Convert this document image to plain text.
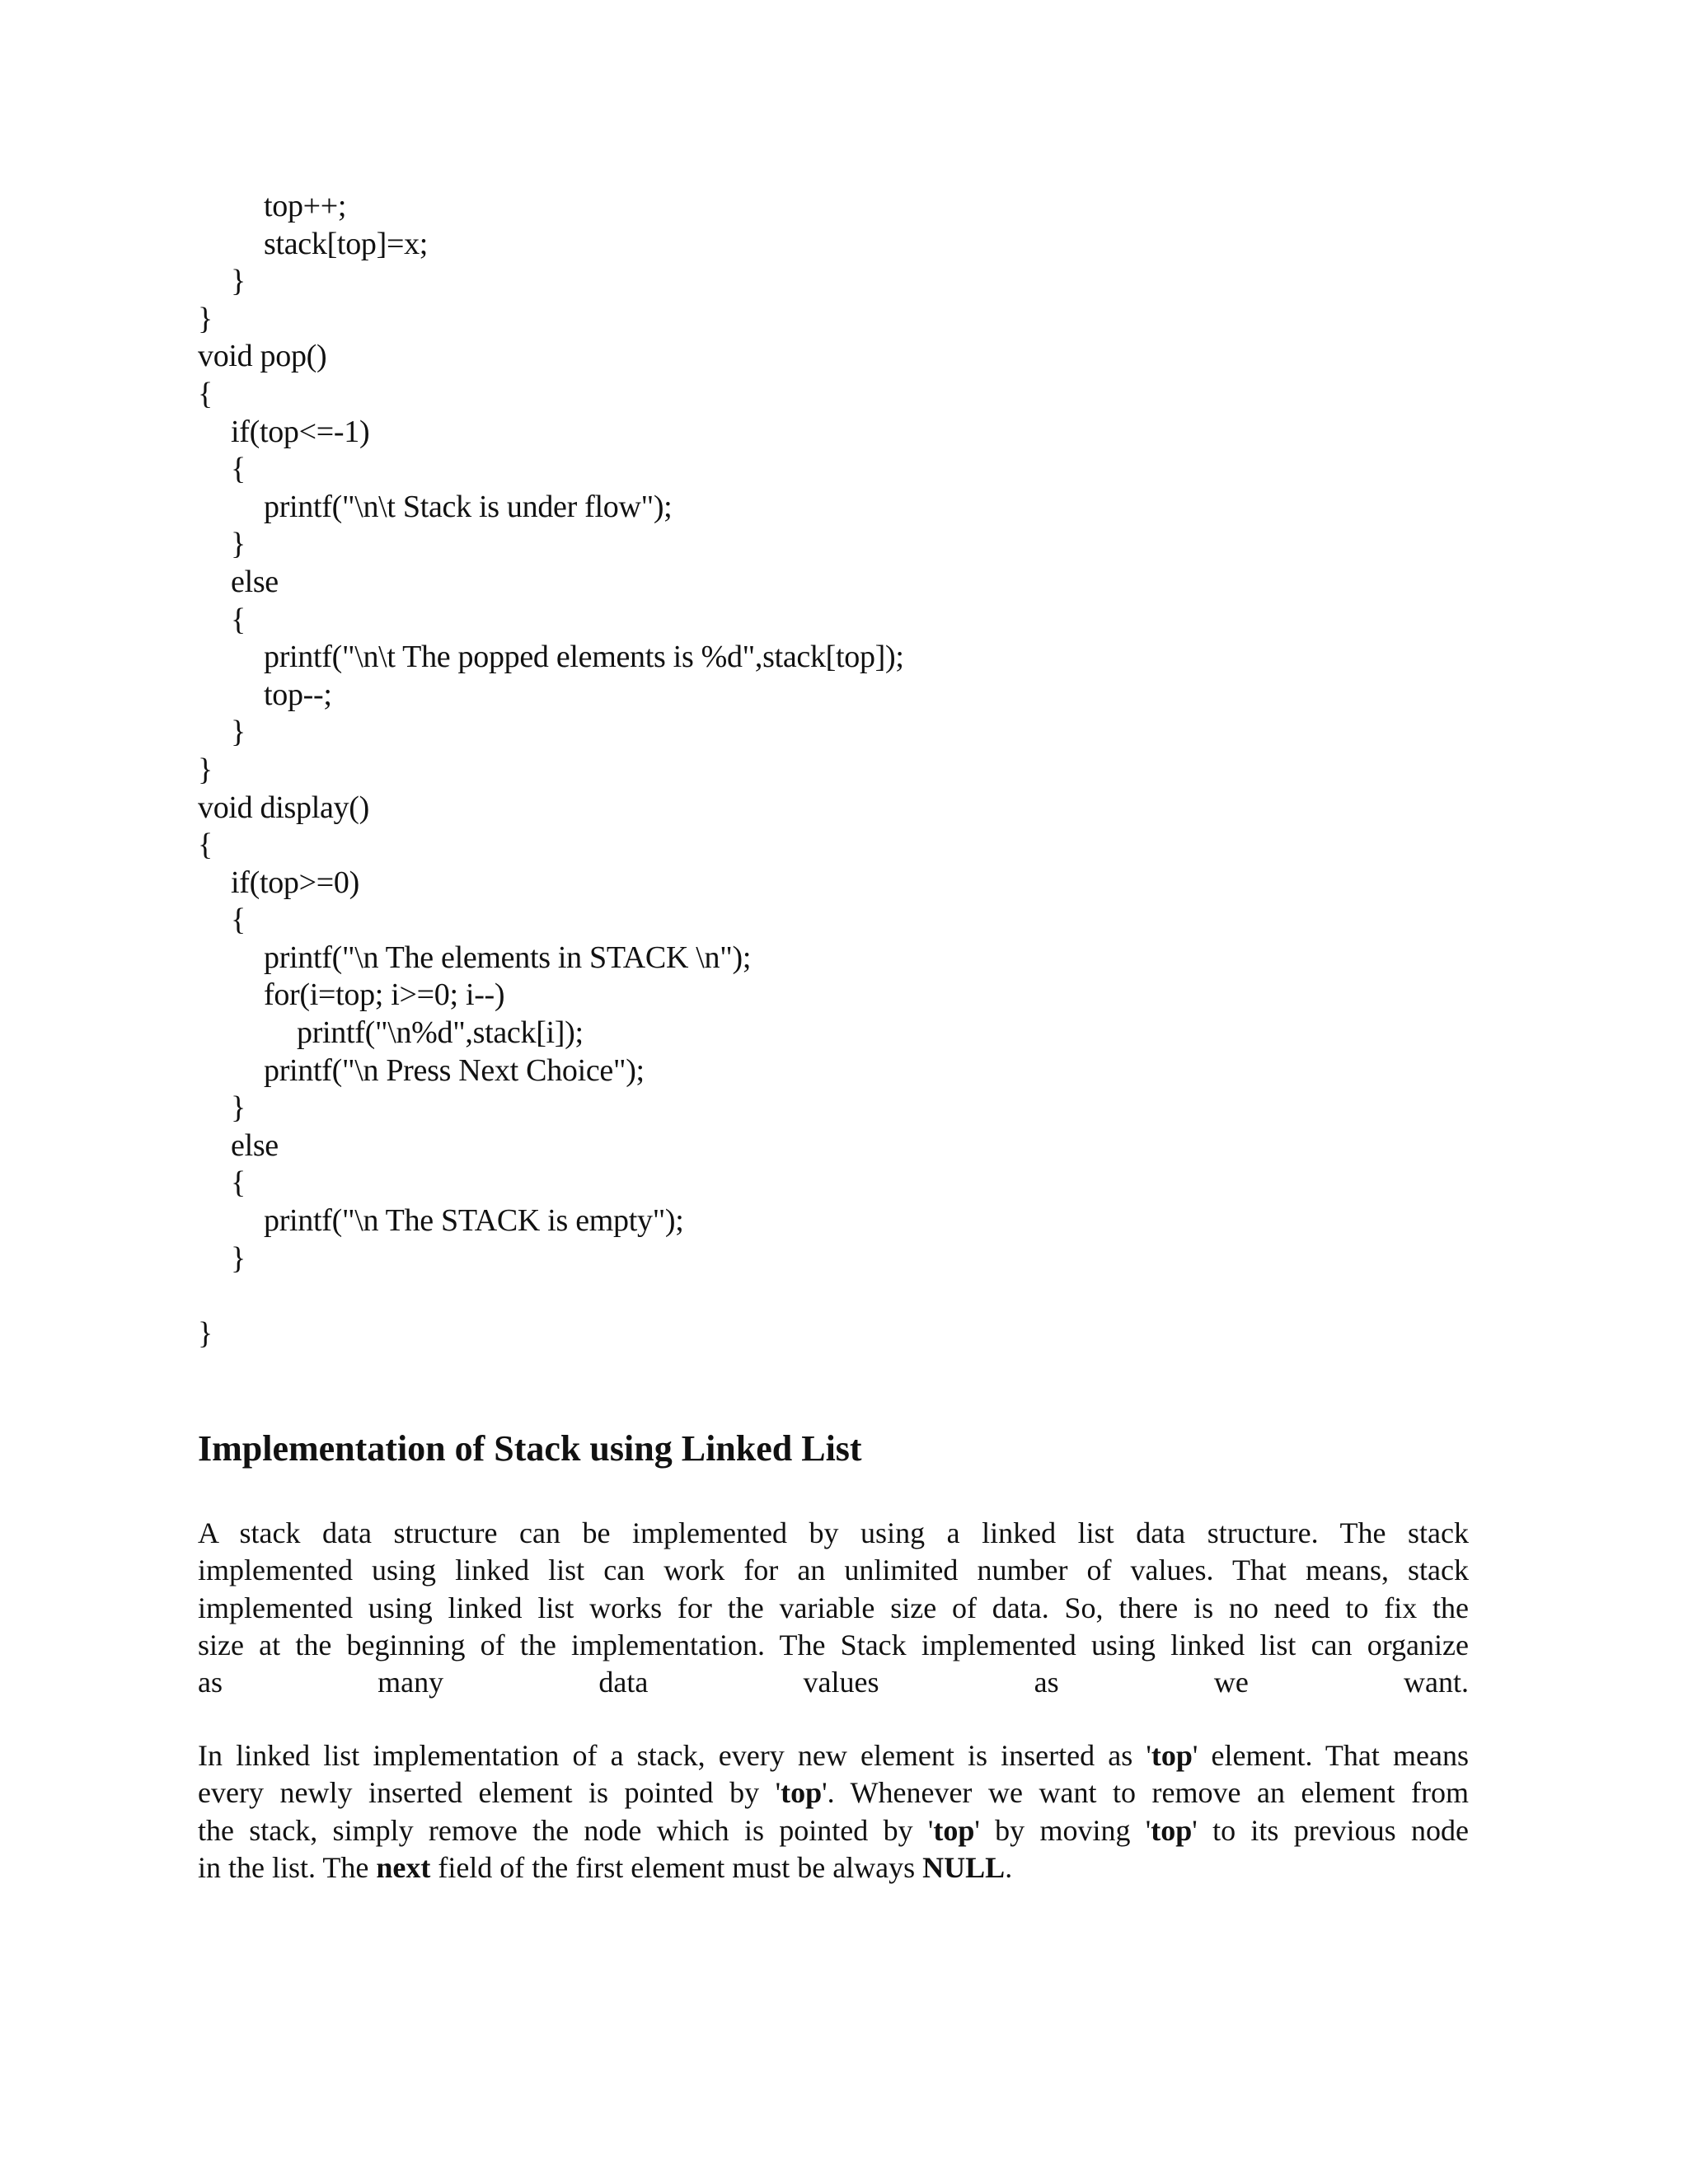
top++;
stack[top]=x;
}
}
void pop()
{
if(top<=-1)
{
printf("\n\t Stack is under flow");
}
else
{
printf("\n\t The popped elements is %d",stack[top]);
top--;
}
}
void display()
{
if(top>=0)
{
printf("\n The elements in STACK \n");
for(i=top; i>=0; i--)
printf("\n%d",stack[i]);
printf("\n Press Next Choice");
}
else
{
printf("\n The STACK is empty");
}
}
Implementation of Stack using Linked List
A stack data structure can be implemented by using a linked list data structure. The stack
implemented using linked list can work for an unlimited number of values. That means, stack
implemented using linked list works for the variable size of data. So, there is no need to fix the
size at the beginning of the implementation. The Stack implemented using linked list can organize
as many data values as we want.
In linked list implementation of a stack, every new element is inserted as 'top' element. That means
every newly inserted element is pointed by 'top'. Whenever we want to remove an element from
the stack, simply remove the node which is pointed by 'top' by moving 'top' to its previous node
in the list. The next field of the first element must be always NULL.
